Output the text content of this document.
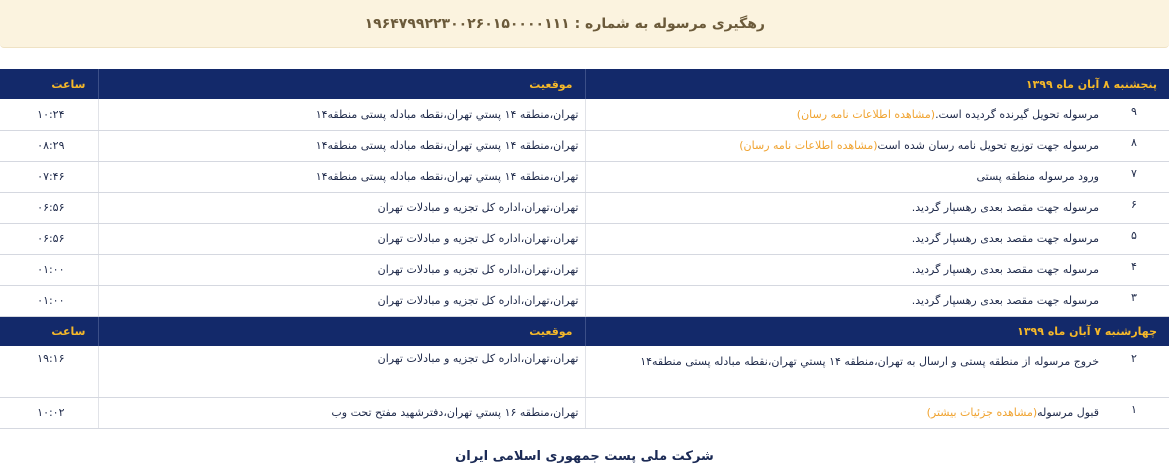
رهگیری مرسوله به شماره : ۱۹۶۴۷۹۹۲۲۳۰۰۲۶۰۱۵۰۰۰۰۱۱۱
پنجشنبه ۸ آبان ماه ۱۳۹۹	موقعیت	ساعت

۹
مرسوله تحویل گیرنده گردیده است.(مشاهده اطلاعات نامه رسان)	تهران،منطقه ۱۴ پستي تهران،نقطه مبادله پستی منطقه۱۴	۱۰:۲۴

۸
مرسوله جهت توزیع تحویل نامه رسان شده است(مشاهده اطلاعات نامه رسان)	تهران،منطقه ۱۴ پستي تهران،نقطه مبادله پستی منطقه۱۴	۰۸:۲۹

۷
ورود مرسوله منطقه پستی	تهران،منطقه ۱۴ پستي تهران،نقطه مبادله پستی منطقه۱۴	۰۷:۴۶

۶
مرسوله جهت مقصد بعدی رهسپار گردید.	تهران،تهران،اداره کل تجزیه و مبادلات تهران	۰۶:۵۶

۵
مرسوله جهت مقصد بعدی رهسپار گردید.	تهران،تهران،اداره کل تجزیه و مبادلات تهران	۰۶:۵۶

۴
مرسوله جهت مقصد بعدی رهسپار گردید.	تهران،تهران،اداره کل تجزیه و مبادلات تهران	۰۱:۰۰

۳
مرسوله جهت مقصد بعدی رهسپار گردید.	تهران،تهران،اداره کل تجزیه و مبادلات تهران	۰۱:۰۰
چهارشنبه ۷ آبان ماه ۱۳۹۹	موقعیت	ساعت

۲
خروج مرسوله از منطقه پستی و ارسال به تهران،منطقه ۱۴ پستي تهران،نقطه مبادله پستی منطقه۱۴	تهران،تهران،اداره کل تجزیه و مبادلات تهران	۱۹:۱۶

۱
قبول مرسوله(مشاهده جزئیات بیشتر)	تهران،منطقه ۱۶ پستي تهران،دفترشهید مفتح تحت وب	۱۰:۰۲
شرکت ملی پست جمهوری اسلامی ایران
